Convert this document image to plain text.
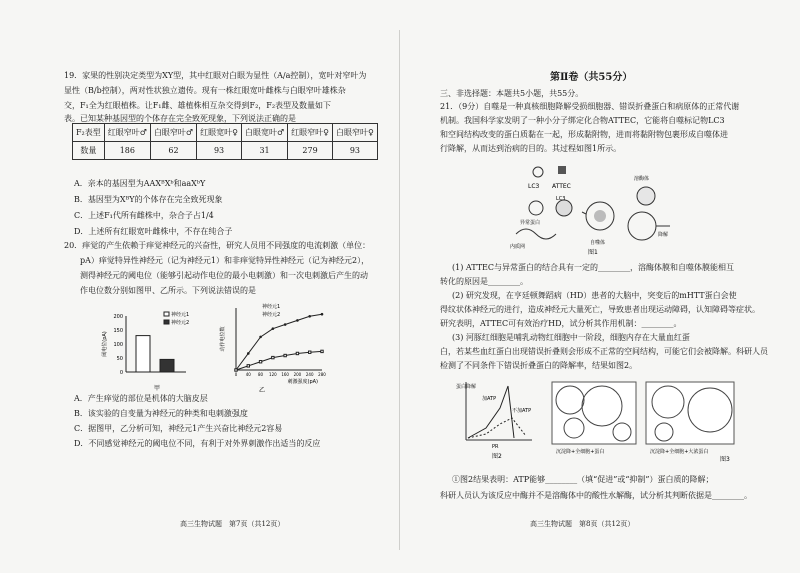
19．家果的性别决定类型为XY型，其中红眼对白眼为显性（A/a控制），宽叶对窄叶为
显性（B/b控制），两对性状独立遗传。现有一株红眼宽叶雌株与白眼窄叶雄株杂
交，F₁全为红眼植株。让F₁雌、雄植株相互杂交得到F₂，F₂表型及数量如下
表。已知某种基因型的个体存在完全致死现象，下列说法正确的是
F₂表型	红眼窄叶♂	白眼窄叶♂	红眼宽叶♀	白眼宽叶♂	红眼窄叶♀	白眼窄叶♀
数量	186	62	93	31	279	93
A．亲本的基因型为AAXᴮXᵇ和aaXᵇY
B．基因型为XᴮY的个体存在完全致死现象
C．上述F₁代所有雌株中，杂合子占1/4
D．上述所有红眼宽叶雌株中，不存在纯合子
20．痒觉的产生依赖于痒觉神经元的兴奋性，研究人员用不同强度的电流刺激（单位：
pA）痒觉特异性神经元（记为神经元1）和非痒觉特异性神经元（记为神经元2），
测得神经元的阈电位（能够引起动作电位的最小电刺激）和一次电刺激后产生的动
作电位数分别如图甲、乙所示。下列说法错误的是
0
50
100
150
200
阈电位(pA)
神经元1
神经元2
甲
动作电位数
0 40 80 120 160 200 240 280
刺激强度(pA)
乙
神经元1
神经元2
A．产生痒觉的部位是机体的大脑皮层
B．该实验的自变量为神经元的种类和电刺激强度
C．据图甲，乙分析可知，神经元1产生兴奋比神经元2容易
D．不同感觉神经元的阈电位不同，有利于对外界刺激作出适当的反应
高三生物试题　第7页（共12页）
第Ⅱ卷（共55分）
三、非选择题：本题共5小题，共55分。
21．（9分）自噬是一种真核细胞降解受损细胞器、错误折叠蛋白和病原体的正常代谢
机制。我国科学家发明了一种小分子绑定化合物ATTEC，它能将自噬标记物LC3
和空间结构改变的蛋白质黏在一起，形成黏附物，进而将黏附物包裹形成自噬体进
行降解，从而达到治病的目的。其过程如图1所示。
LC3 ATTEC
异常蛋白
LC3
内质网
自噬体
溶酶体
降解
图1
(1) ATTEC与异常蛋白的结合具有一定的________，溶酶体膜和自噬体膜能相互
转化的原因是________。
(2) 研究发现，在亨廷顿舞蹈病（HD）患者的大脑中，突变后的mHTT蛋白会使
得纹状体神经元的进行，造成神经元大量死亡，导致患者出现运动障碍，认知障碍等症状。
研究表明，ATTEC可有效治疗HD，试分析其作用机制：________。
(3) 河豚红细胞是哺乳动物红细胞中一阶段，细胞内存在大量血红蛋
白，若某些血红蛋白出现错误折叠则会形成不正常的空间结构，可能它们会被降解。科研人员
检测了不同条件下错误折叠蛋白的降解率，结果如图2。
蛋白降解
加ATP
不加ATP
PR
图2
沉淀降+全细胞+蛋白	沉淀降+全细胞+大浓蛋白
图3
①图2结果表明：ATP能够________（填“促进”或“抑制”）蛋白质的降解；
科研人员认为该反应中酶并不是溶酶体中的酸性水解酶，试分析其判断依据是________。
高三生物试题　第8页（共12页）
